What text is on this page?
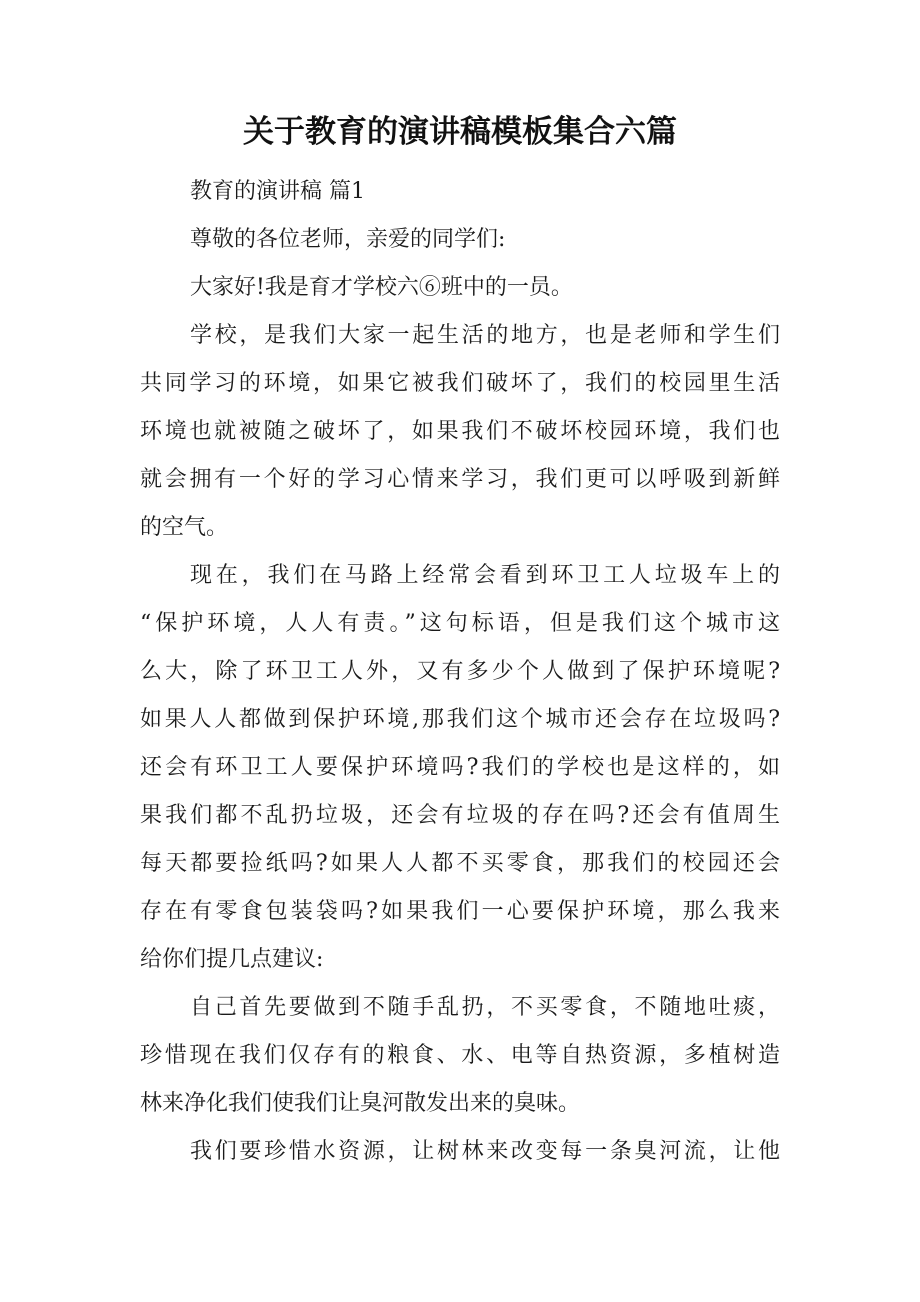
关于教育的演讲稿模板集合六篇
教育的演讲稿 篇1
尊敬的各位老师，亲爱的同学们:
大家好!我是育才学校六⑥班中的一员。
学校，是我们大家一起生活的地方，也是老师和学生们
共同学习的环境，如果它被我们破坏了，我们的校园里生活
环境也就被随之破坏了，如果我们不破坏校园环境，我们也
就会拥有一个好的学习心情来学习，我们更可以呼吸到新鲜
的空气。
现在，我们在马路上经常会看到环卫工人垃圾车上的
“保护环境，人人有责。”这句标语，但是我们这个城市这
么大，除了环卫工人外，又有多少个人做到了保护环境呢?
如果人人都做到保护环境,那我们这个城市还会存在垃圾吗?
还会有环卫工人要保护环境吗?我们的学校也是这样的，如
果我们都不乱扔垃圾，还会有垃圾的存在吗?还会有值周生
每天都要捡纸吗?如果人人都不买零食，那我们的校园还会
存在有零食包装袋吗?如果我们一心要保护环境，那么我来
给你们提几点建议:
自己首先要做到不随手乱扔，不买零食，不随地吐痰，
珍惜现在我们仅存有的粮食、水、电等自热资源，多植树造
林来净化我们使我们让臭河散发出来的臭味。
我们要珍惜水资源，让树林来改变每一条臭河流，让他
